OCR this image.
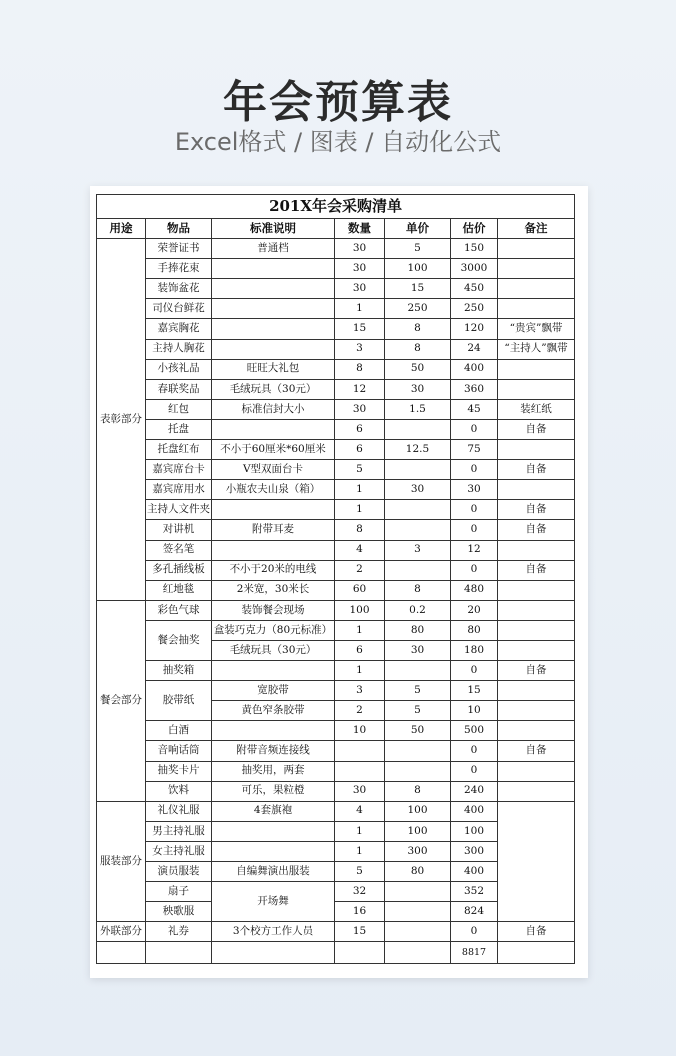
年会预算表
Excel格式 / 图表 / 自动化公式
201X年会采购清单						
用途	物品	标准说明	数量	单价	估价	备注
表彰部分	荣誉证书	普通档	30	5	150	
	手捧花束		30	100	3000	
	装饰盆花		30	15	450	
	司仪台鲜花		1	250	250	
	嘉宾胸花		15	8	120	“贵宾”飘带
	主持人胸花		3	8	24	“主持人”飘带
	小孩礼品	旺旺大礼包	8	50	400	
	春联奖品	毛绒玩具（30元）	12	30	360	
	红包	标准信封大小	30	1.5	45	装红纸
	托盘		6		0	自备
	托盘红布	不小于60厘米*60厘米	6	12.5	75	
	嘉宾席台卡	V型双面台卡	5		0	自备
	嘉宾席用水	小瓶农夫山泉（箱）	1	30	30	
	主持人文件夹		1		0	自备
	对讲机	附带耳麦	8		0	自备
	签名笔		4	3	12	
	多孔插线板	不小于20米的电线	2		0	自备
	红地毯	2米宽，30米长	60	8	480	
餐会部分	彩色气球	装饰餐会现场	100	0.2	20	
	餐会抽奖	盒装巧克力（80元标准）	1	80	80	
		毛绒玩具（30元）	6	30	180	
	抽奖箱		1		0	自备
	胶带纸	宽胶带	3	5	15	
		黄色窄条胶带	2	5	10	
	白酒		10	50	500	
	音响话筒	附带音频连接线			0	自备
	抽奖卡片	抽奖用，两套			0	
	饮料	可乐，果粒橙	30	8	240	
服装部分	礼仪礼服	4套旗袍	4	100	400	
	男主持礼服		1	100	100	
	女主持礼服		1	300	300	
	演员服装	自编舞演出服装	5	80	400	
	扇子	开场舞	32		352	
	秧歌服		16		824	
外联部分	礼券	3个校方工作人员	15		0	自备
					8817	
